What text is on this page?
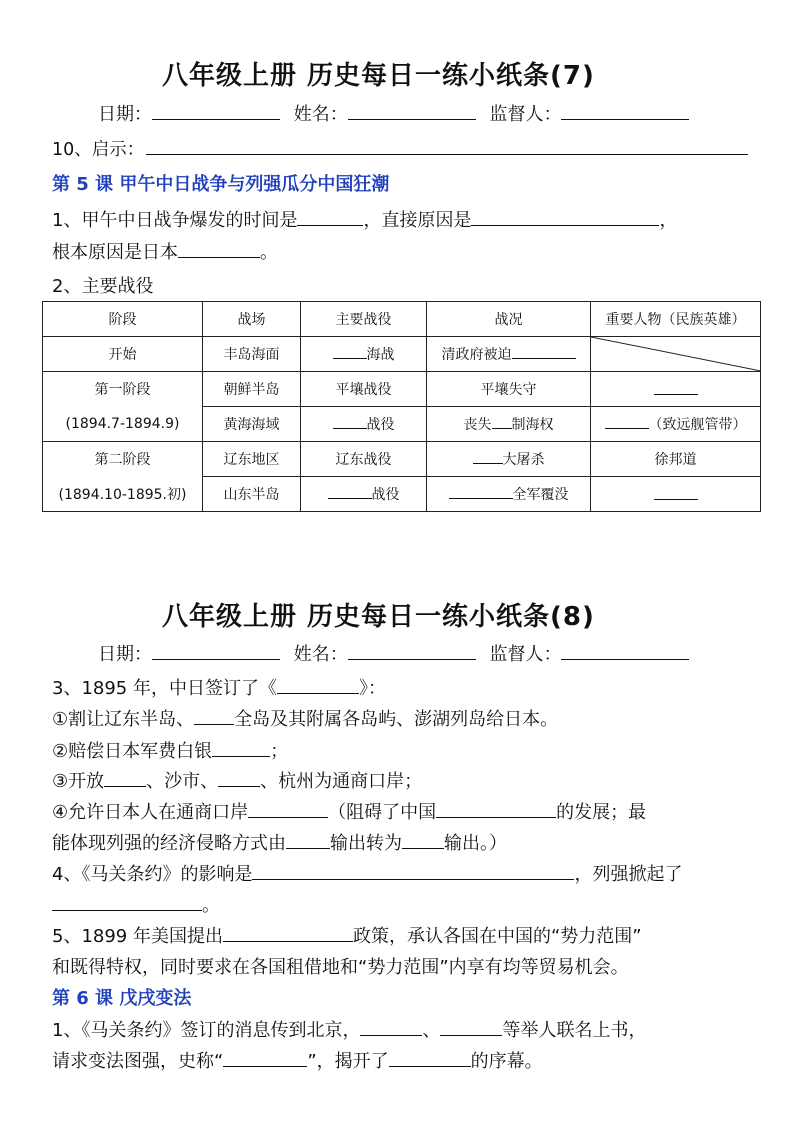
八年级上册 历史每日一练小纸条(7)
日期：	姓名：	监督人：
10、启示：
第 5 课 甲午中日战争与列强瓜分中国狂潮
1、甲午中日战争爆发的时间是	，直接原因是	，
根本原因是日本	。
2、主要战役
阶段	战场	主要战役	战况	重要人物（民族英雄）
开始	丰岛海面	海战	清政府被迫	

第一阶段	朝鲜半岛	平壤战役	平壤失守	
(1894.7-1894.9)	黄海海域	战役	丧失 制海权	（致远舰管带）
第二阶段	辽东地区	辽东战役	大屠杀	徐邦道
(1894.10-1895.初)	山东半岛	战役	全军覆没	
八年级上册 历史每日一练小纸条(8)
日期：	姓名：	监督人：
3、1895 年，中日签订了《	》：
①割让辽东半岛、 全岛及其附属各岛屿、澎湖列岛给日本。
②赔偿日本军费白银	；
③开放 、沙市、 、杭州为通商口岸；
④允许日本人在通商口岸	（阻碍了中国	的发展；最
能体现列强的经济侵略方式由 输出转为 输出。）
4、《马关条约》的影响是	，列强掀起了
。
5、1899 年美国提出	政策，承认各国在中国的“势力范围”
和既得特权，同时要求在各国租借地和“势力范围”内享有均等贸易机会。
第 6 课 戊戌变法
1、《马关条约》签订的消息传到北京，	、	等举人联名上书，
请求变法图强，史称“	”，揭开了	的序幕。
